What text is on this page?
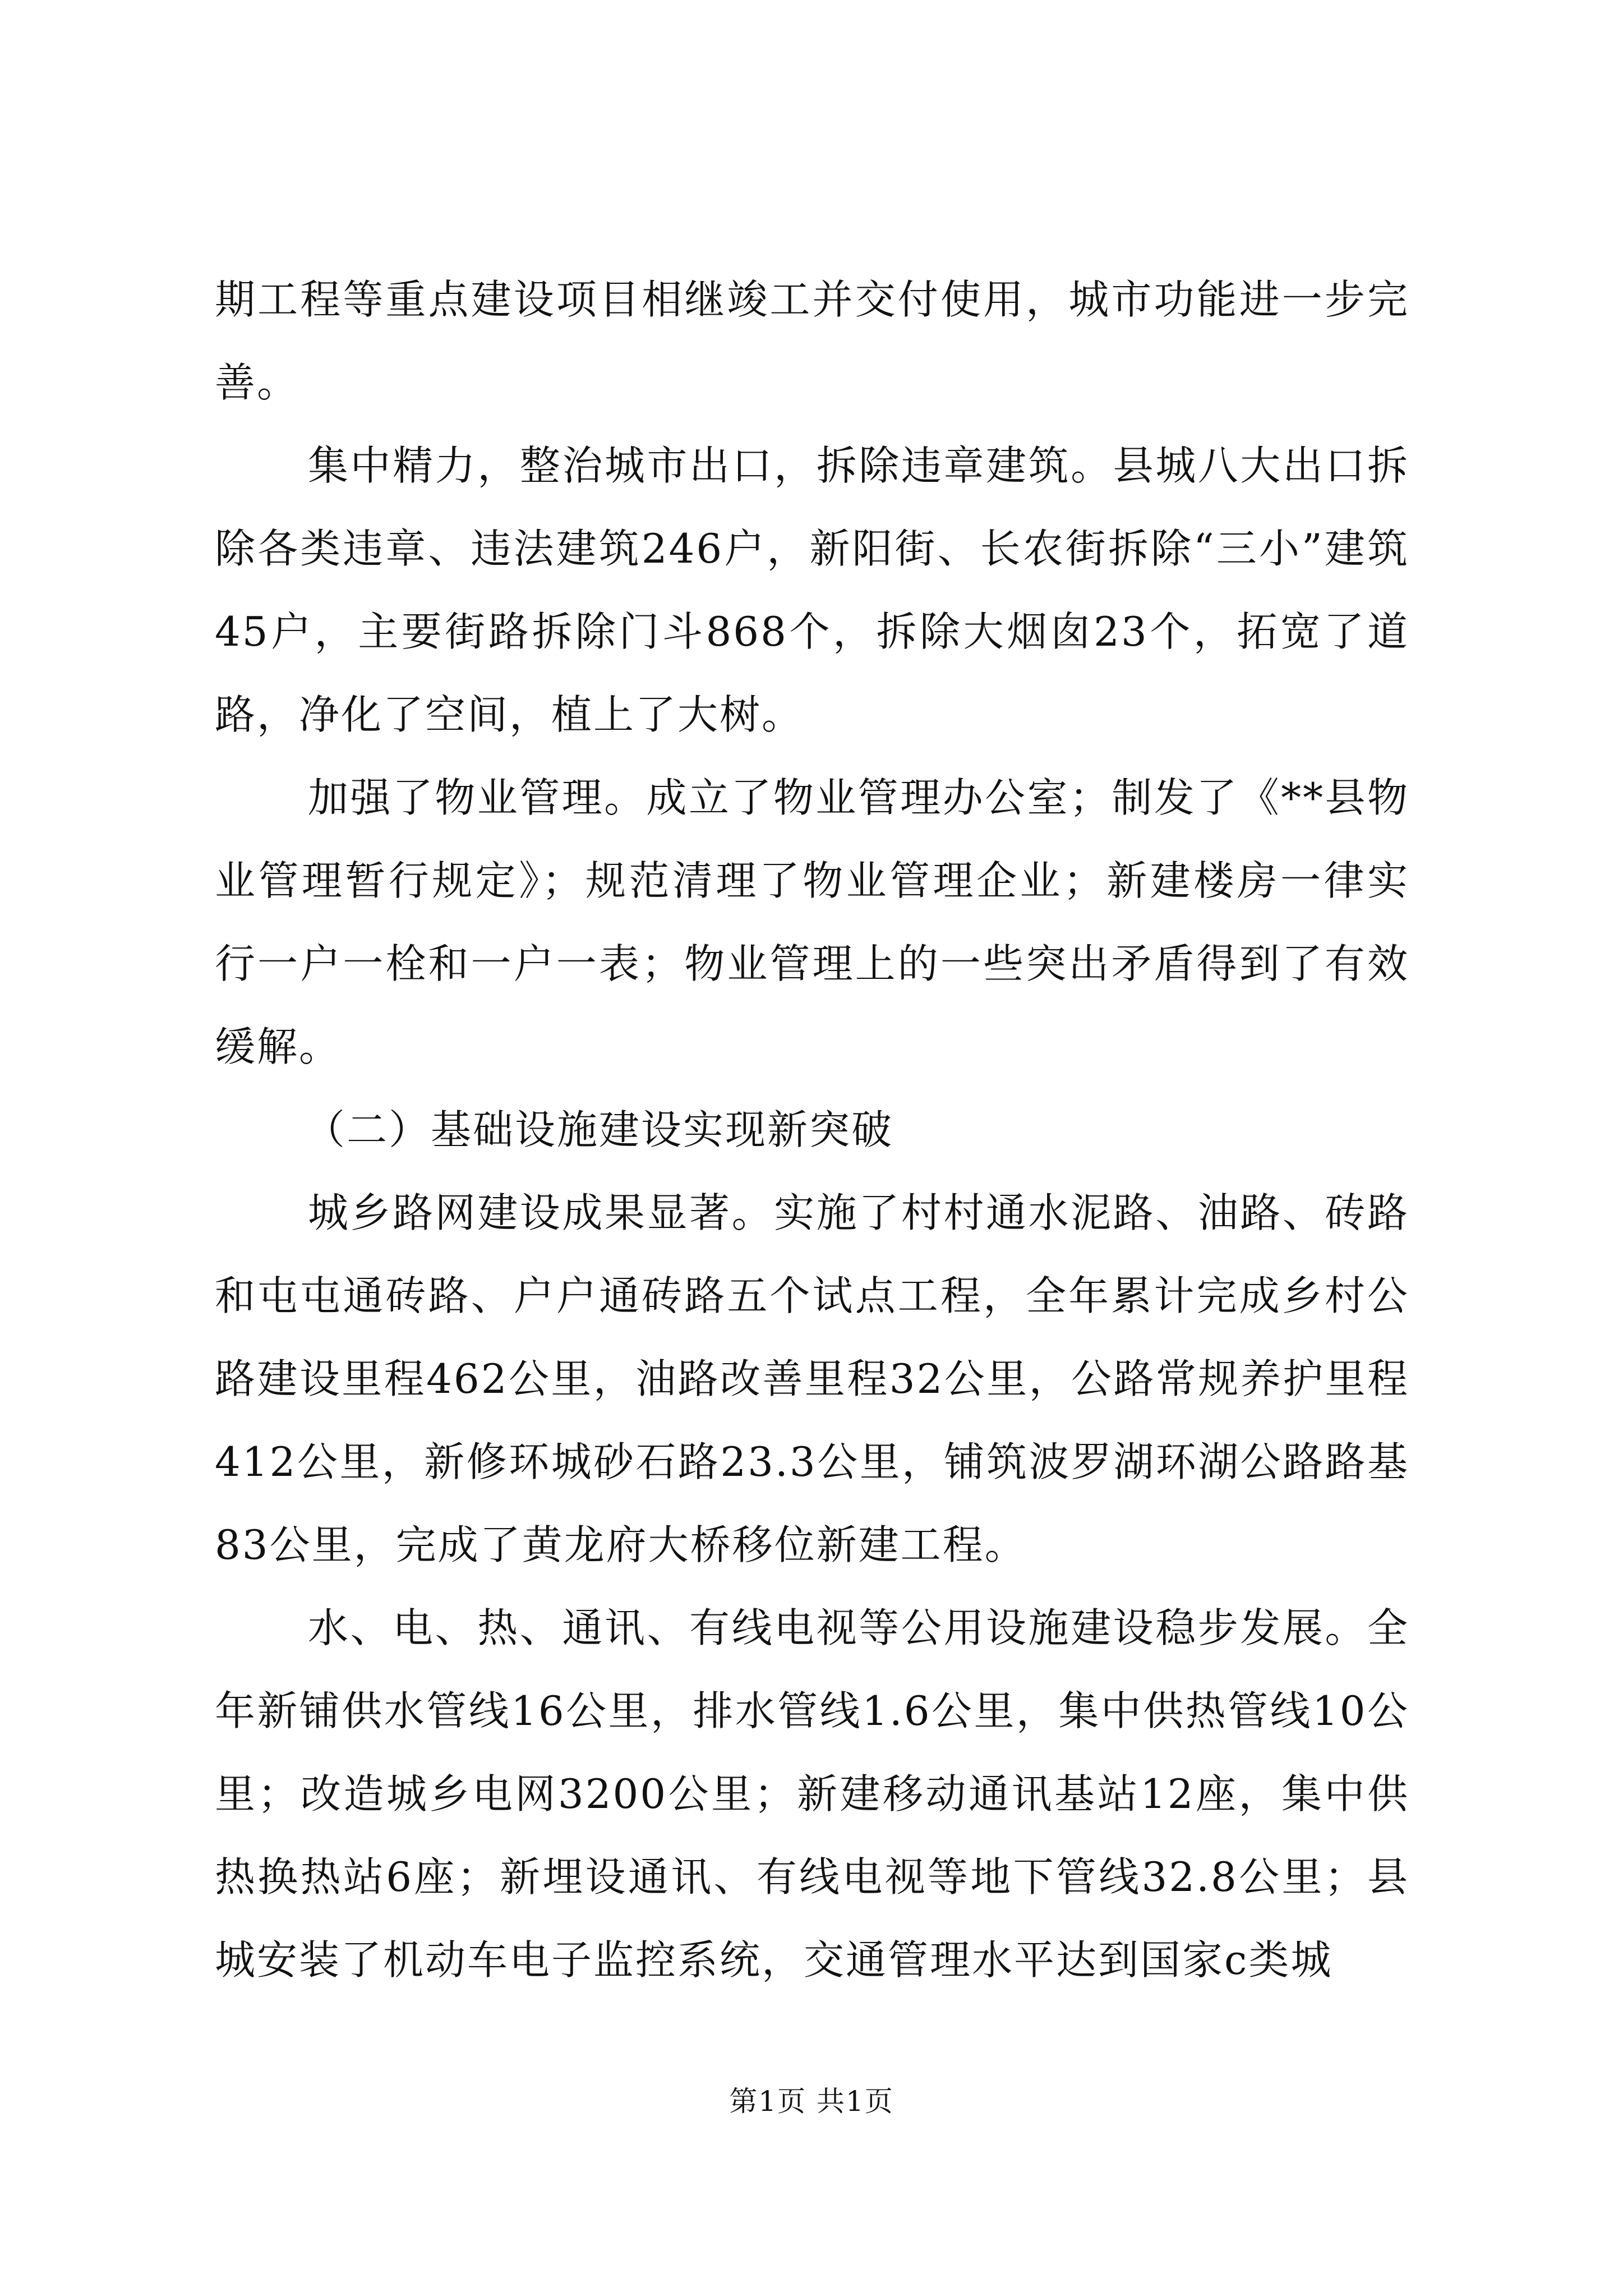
期工程等重点建设项目相继竣工并交付使用，城市功能进一步完善。

集中精力，整治城市出口，拆除违章建筑。县城八大出口拆除各类违章、违法建筑246户，新阳街、长农街拆除“三小”建筑45户，主要街路拆除门斗868个，拆除大烟囱23个，拓宽了道路，净化了空间，植上了大树。

加强了物业管理。成立了物业管理办公室；制发了《**县物业管理暂行规定》；规范清理了物业管理企业；新建楼房一律实行一户一栓和一户一表；物业管理上的一些突出矛盾得到了有效缓解。

（二）基础设施建设实现新突破

城乡路网建设成果显著。实施了村村通水泥路、油路、砖路和屯屯通砖路、户户通砖路五个试点工程，全年累计完成乡村公路建设里程462公里，油路改善里程32公里，公路常规养护里程412公里，新修环城砂石路23.3公里，铺筑波罗湖环湖公路路基83公里，完成了黄龙府大桥移位新建工程。

水、电、热、通讯、有线电视等公用设施建设稳步发展。全年新铺供水管线16公里，排水管线1.6公里，集中供热管线10公里；改造城乡电网3200公里；新建移动通讯基站12座，集中供热换热站6座；新埋设通讯、有线电视等地下管线32.8公里；县城安装了机动车电子监控系统，交通管理水平达到国家c类城

第1页 共1页
